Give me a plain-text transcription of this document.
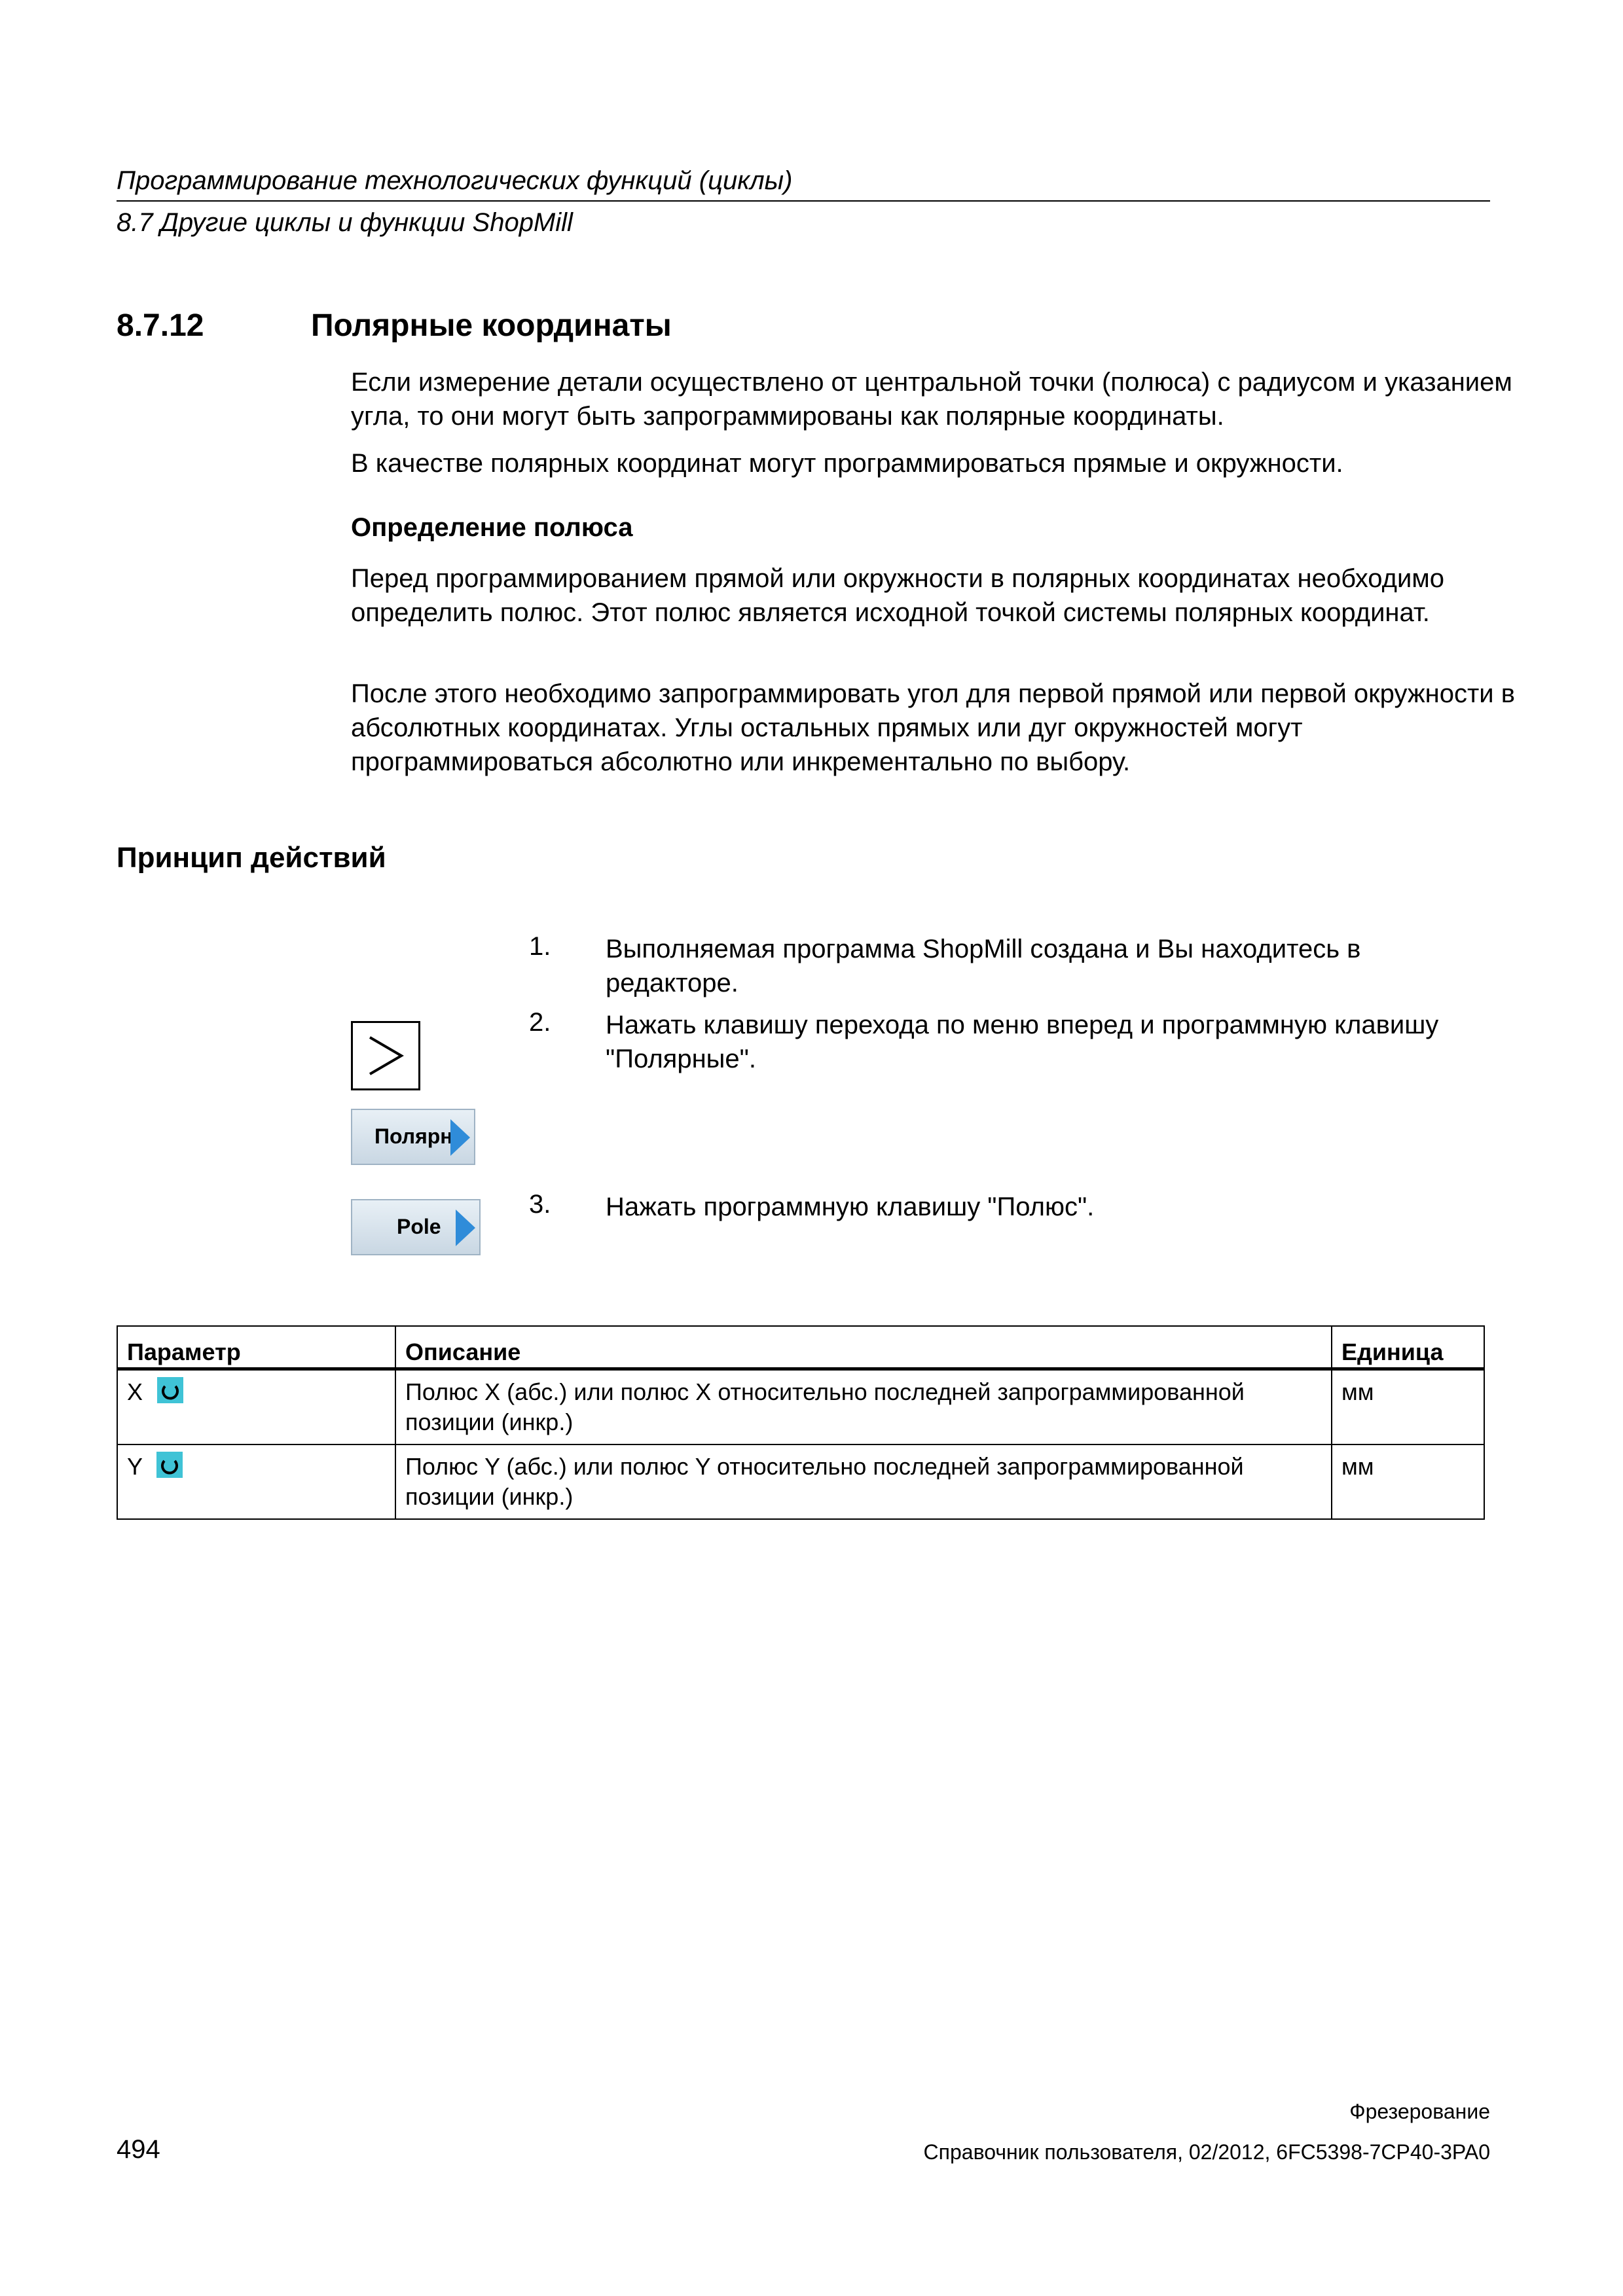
Программирование технологических функций (циклы)
8.7 Другие циклы и функции ShopMill
8.7.12	Полярные координаты
Если измерение детали осуществлено от центральной точки (полюса) с радиусом и указанием угла, то они могут быть запрограммированы как полярные координаты.
В качестве полярных координат могут программироваться прямые и окружности.
Определение полюса
Перед программированием прямой или окружности в полярных координатах необходимо определить полюс. Этот полюс является исходной точкой системы полярных координат.
После этого необходимо запрограммировать угол для первой прямой или первой окружности в абсолютных координатах. Углы остальных прямых или дуг окружностей могут программироваться абсолютно или инкрементально по выбору.
Принцип действий
1. Выполняемая программа ShopMill создана и Вы находитесь в редакторе.
2. Нажать клавишу перехода по меню вперед и программную клавишу "Полярные".
3. Нажать программную клавишу "Полюс".
Полярн.
Pole
Параметр	Описание	Единица
X	Полюс X (абс.) или полюс X относительно последней запрограммированной позиции (инкр.)	мм
Y	Полюс Y (абс.) или полюс Y относительно последней запрограммированной позиции (инкр.)	мм
Фрезерование
494	Справочник пользователя, 02/2012, 6FC5398-7CP40-3PA0
